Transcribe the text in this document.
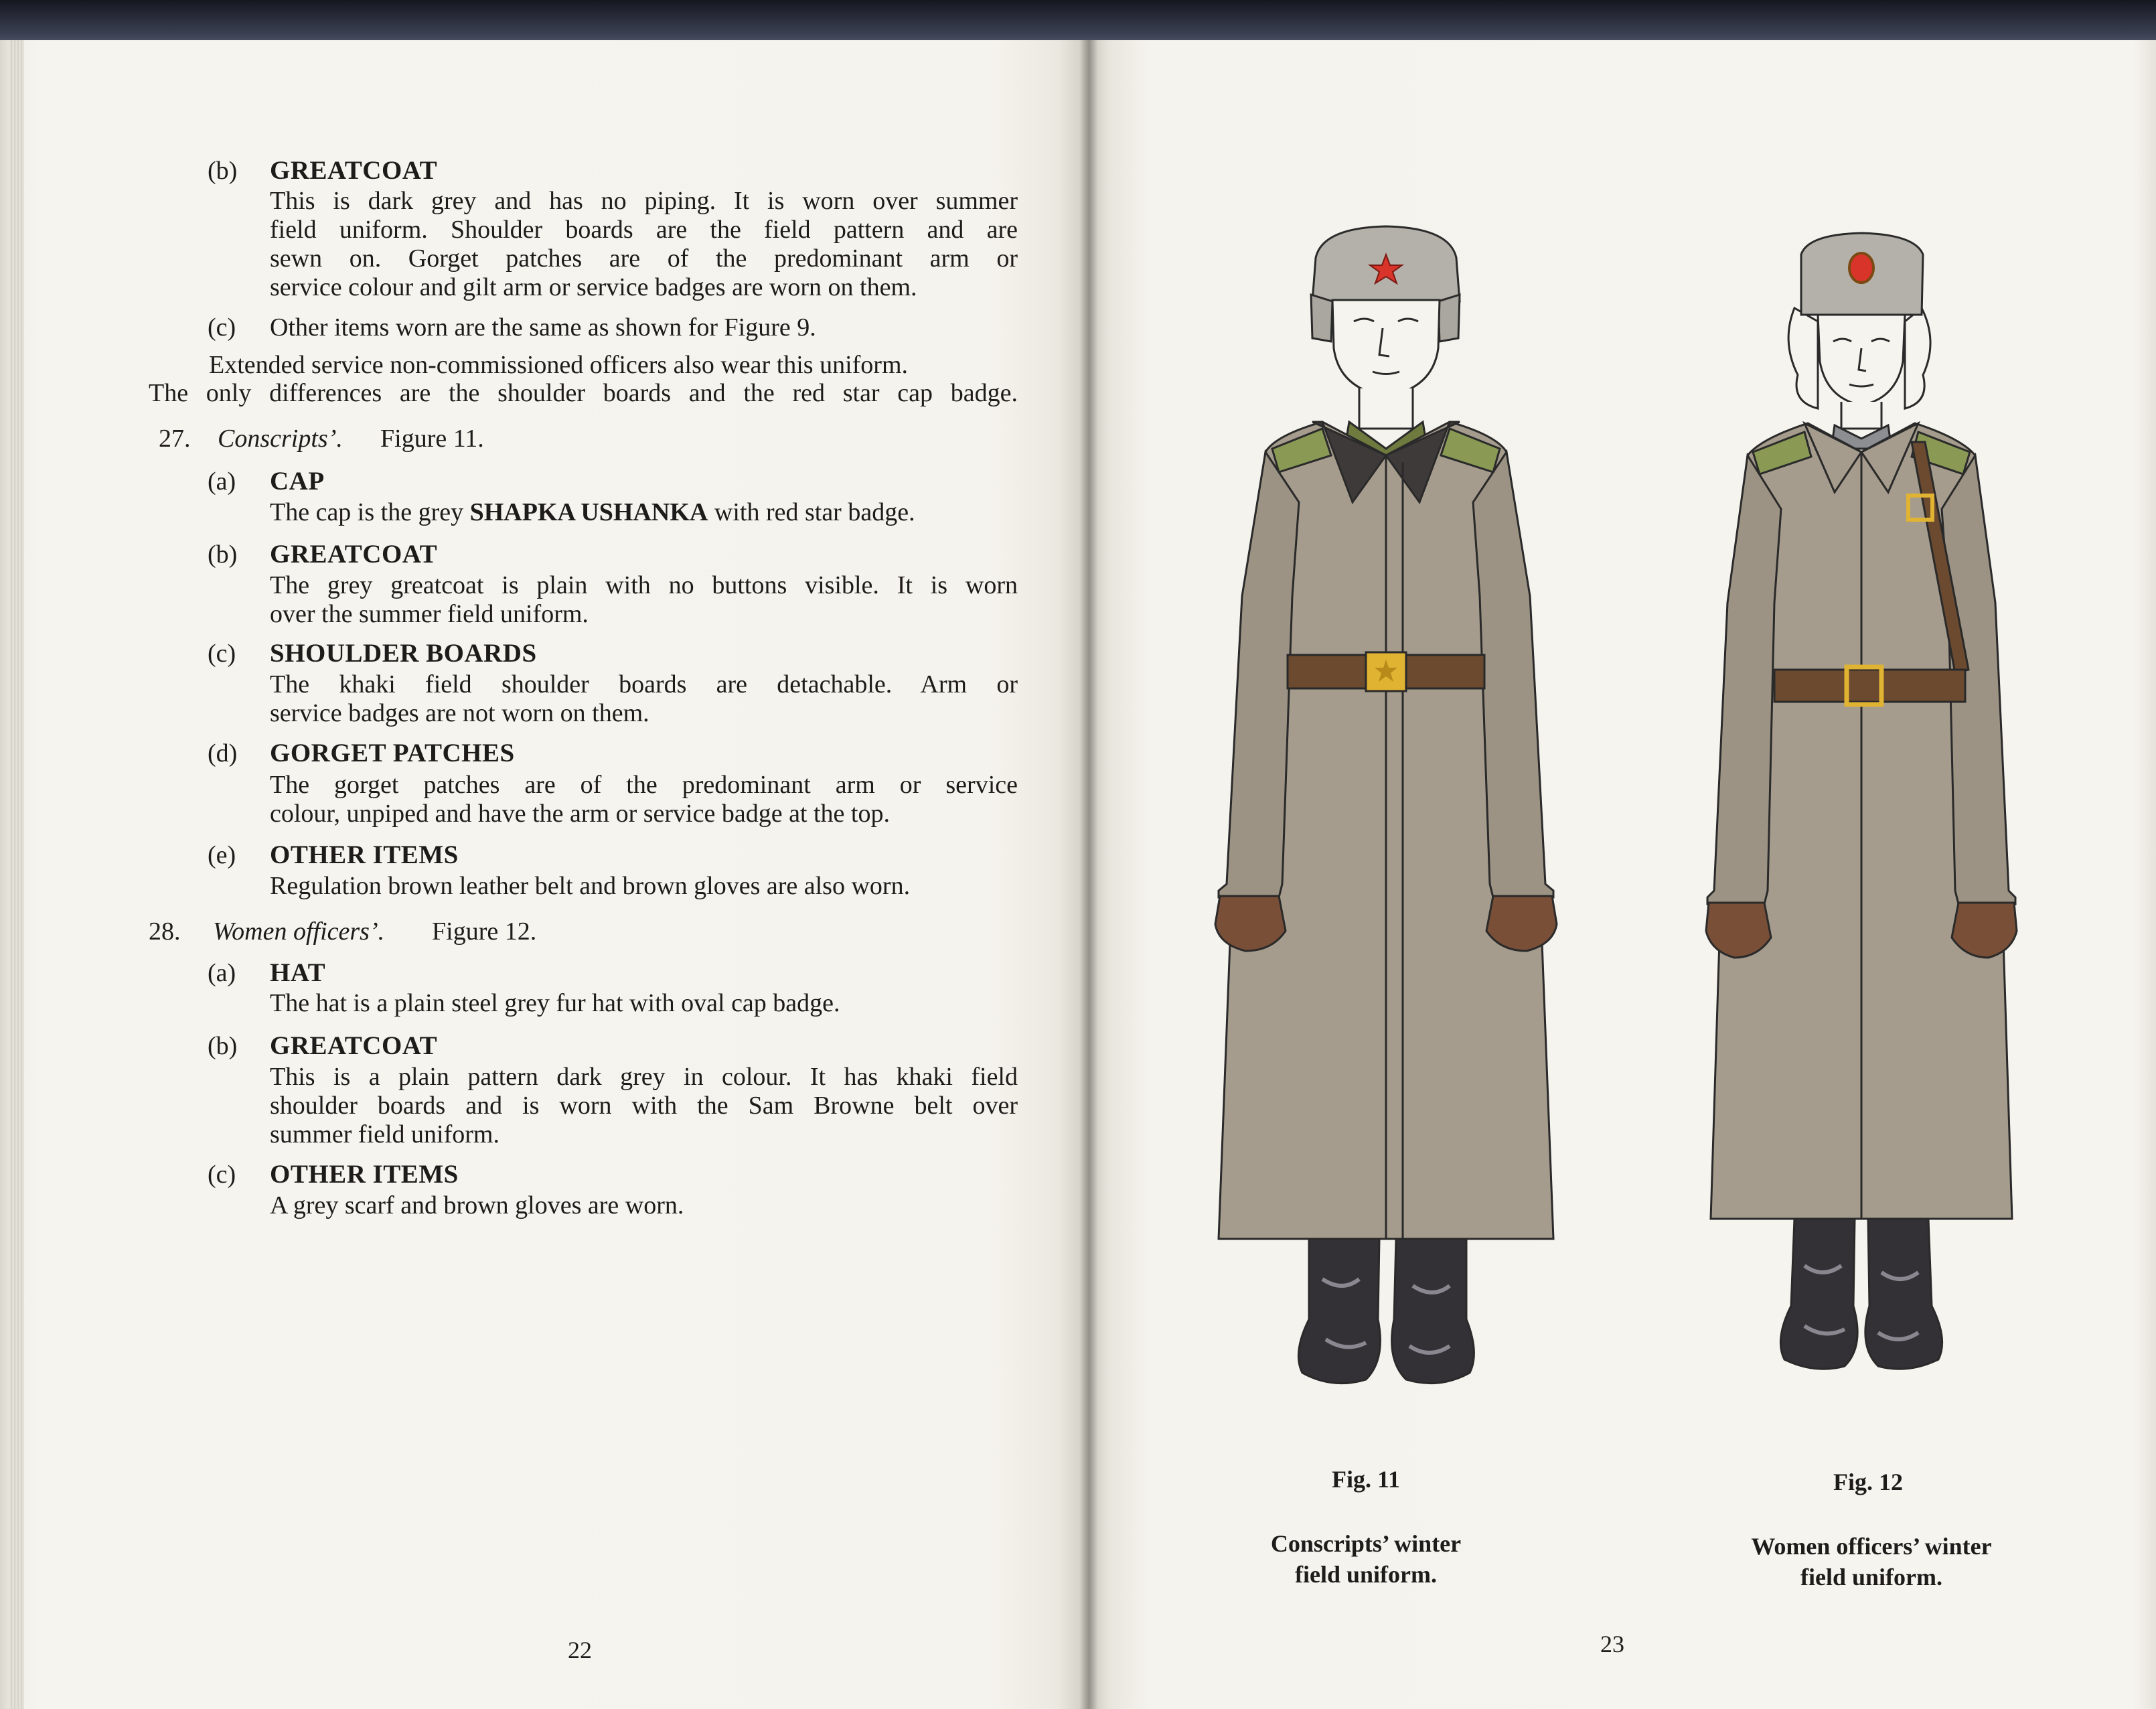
(b) GREATCOAT
This is dark grey and has no piping. It is worn over summer
field uniform. Shoulder boards are the field pattern and are
sewn on. Gorget patches are of the predominant arm or
service colour and gilt arm or service badges are worn on them.
(c) Other items worn are the same as shown for Figure 9.
Extended service non-commissioned officers also wear this uniform.
The only differences are the shoulder boards and the red star cap badge.
27. Conscripts’. Figure 11.
(a) CAP
The cap is the grey SHAPKA USHANKA with red star badge.
(b) GREATCOAT
The grey greatcoat is plain with no buttons visible. It is worn
over the summer field uniform.
(c) SHOULDER BOARDS
The khaki field shoulder boards are detachable. Arm or
service badges are not worn on them.
(d) GORGET PATCHES
The gorget patches are of the predominant arm or service
colour, unpiped and have the arm or service badge at the top.
(e) OTHER ITEMS
Regulation brown leather belt and brown gloves are also worn.
28. Women officers’. Figure 12.
(a) HAT
The hat is a plain steel grey fur hat with oval cap badge.
(b) GREATCOAT
This is a plain pattern dark grey in colour. It has khaki field
shoulder boards and is worn with the Sam Browne belt over
summer field uniform.
(c) OTHER ITEMS
A grey scarf and brown gloves are worn.
22
Fig. 11
Conscripts’ winter
field uniform.
Fig. 12
Women officers’ winter
field uniform.
23
